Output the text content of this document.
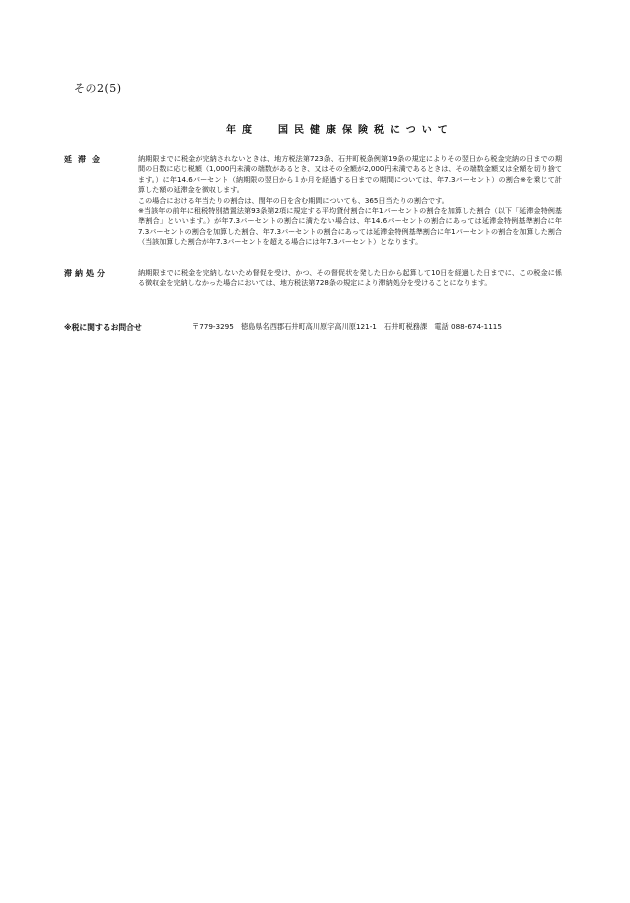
その2(5)
年度　　 国民健康保険税について
延滞金	納期限までに税金が完納されないときは、地方税法第723条、石井町税条例第19条の規定によりその翌日から税金完納の日までの期間の日数に応じ税額（1,000円未満の端数があるとき、又はその全額が2,000円未満であるときは、その端数金額又は全額を切り捨てます。）に年14.6パーセント（納期限の翌日から１か月を経過する日までの期間については、年7.3パーセント）の割合※を乗じて計算した額の延滞金を徴収します。

この場合における年当たりの割合は、閏年の日を含む期間についても、365日当たりの割合です。

※当該年の前年に租税特別措置法第93条第2項に規定する平均貸付割合に年1パーセントの割合を加算した割合（以下「延滞金特例基準割合」といいます。）が年7.3パーセントの割合に満たない場合は、年14.6パーセントの割合にあっては延滞金特例基準割合に年7.3パーセントの割合を加算した割合、年7.3パーセントの割合にあっては延滞金特例基準割合に年1パーセントの割合を加算した割合（当該加算した割合が年7.3パーセントを超える場合には年7.3パーセント）となります。

滞納処分	納期限までに税金を完納しないため督促を受け、かつ、その督促状を発した日から起算して10日を経過した日までに、この税金に係る徴収金を完納しなかった場合においては、地方税法第728条の規定により滞納処分を受けることになります。

※税に関するお問合せ	〒779-3295　徳島県名西郡石井町高川原字高川原121-1　石井町税務課　電話 088-674-1115
